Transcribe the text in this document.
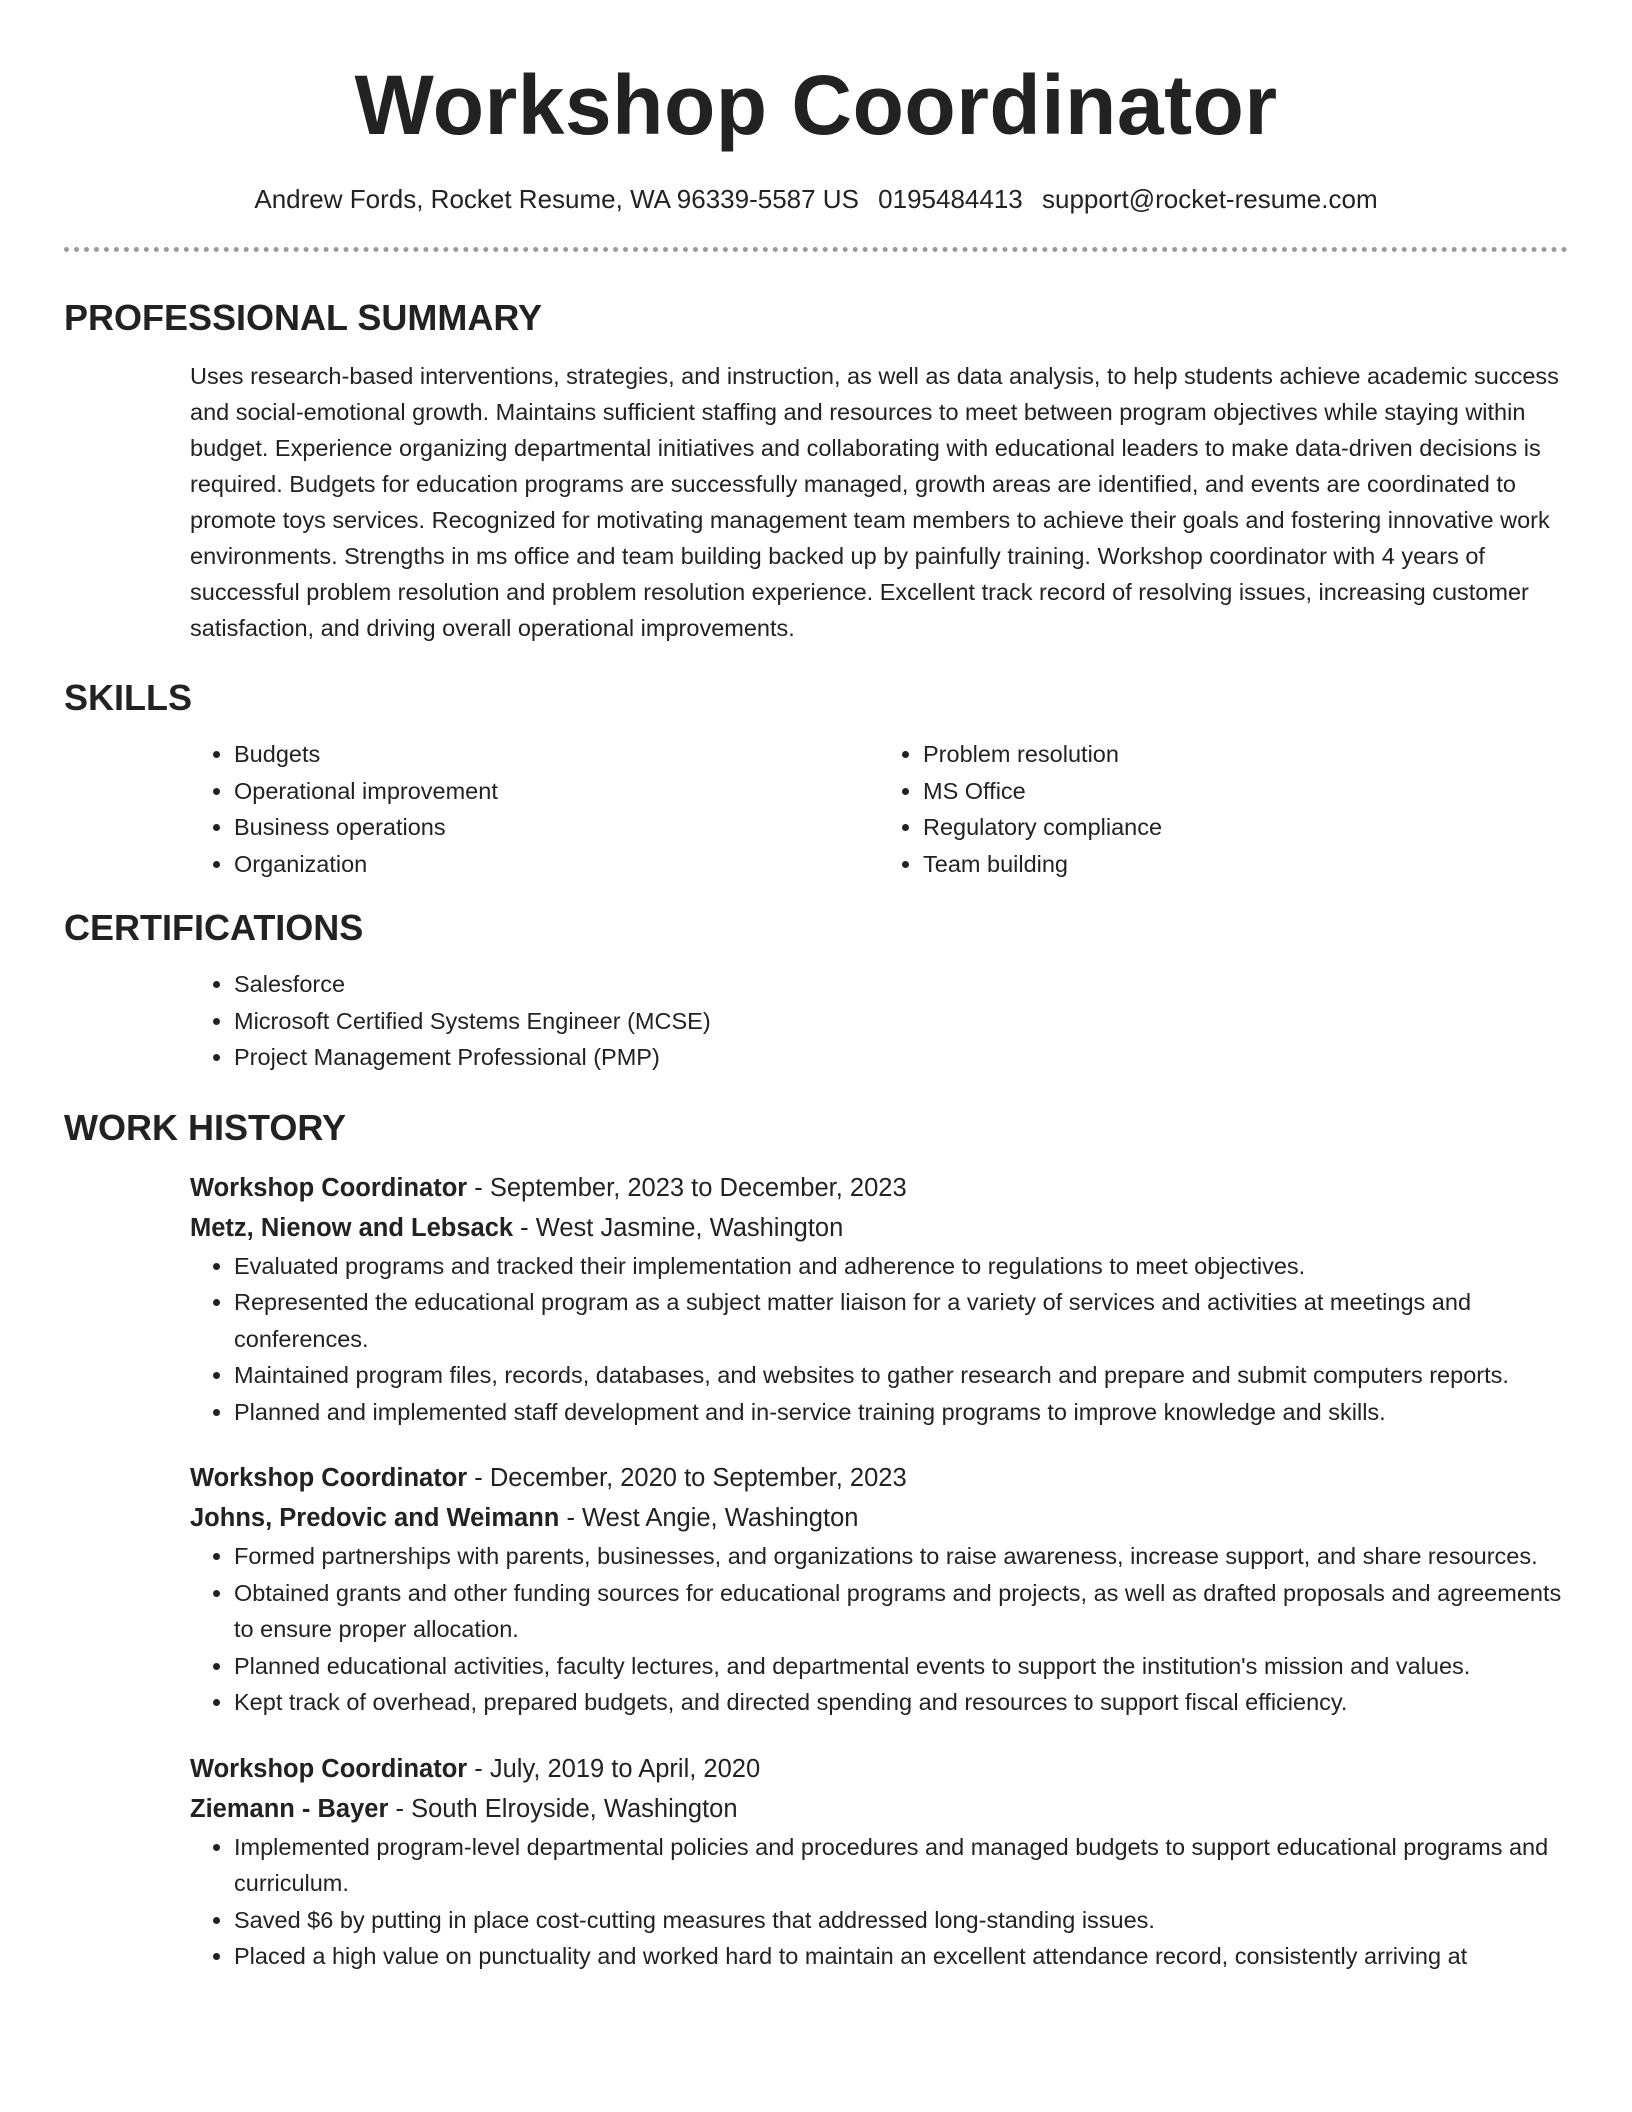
Workshop Coordinator
Andrew Fords, Rocket Resume, WA 96339-5587 US 0195484413 support@rocket-resume.com
PROFESSIONAL SUMMARY

Uses research-based interventions, strategies, and instruction, as well as data analysis, to help students achieve academic success and social-emotional growth. Maintains sufficient staffing and resources to meet between program objectives while staying within budget. Experience organizing departmental initiatives and collaborating with educational leaders to make data-driven decisions is required. Budgets for education programs are successfully managed, growth areas are identified, and events are coordinated to promote toys services. Recognized for motivating management team members to achieve their goals and fostering innovative work environments. Strengths in ms office and team building backed up by painfully training. Workshop coordinator with 4 years of successful problem resolution and problem resolution experience. Excellent track record of resolving issues, increasing customer satisfaction, and driving overall operational improvements.

SKILLS
• Budgets
• Operational improvement
• Business operations
• Organization
• Problem resolution
• MS Office
• Regulatory compliance
• Team building
CERTIFICATIONS
• Salesforce
• Microsoft Certified Systems Engineer (MCSE)
• Project Management Professional (PMP)
WORK HISTORY
Workshop Coordinator - September, 2023 to December, 2023
Metz, Nienow and Lebsack - West Jasmine, Washington
• Evaluated programs and tracked their implementation and adherence to regulations to meet objectives.
• Represented the educational program as a subject matter liaison for a variety of services and activities at meetings and conferences.
• Maintained program files, records, databases, and websites to gather research and prepare and submit computers reports.
• Planned and implemented staff development and in-service training programs to improve knowledge and skills.
Workshop Coordinator - December, 2020 to September, 2023
Johns, Predovic and Weimann - West Angie, Washington
• Formed partnerships with parents, businesses, and organizations to raise awareness, increase support, and share resources.
• Obtained grants and other funding sources for educational programs and projects, as well as drafted proposals and agreements to ensure proper allocation.
• Planned educational activities, faculty lectures, and departmental events to support the institution's mission and values.
• Kept track of overhead, prepared budgets, and directed spending and resources to support fiscal efficiency.
Workshop Coordinator - July, 2019 to April, 2020
Ziemann - Bayer - South Elroyside, Washington
• Implemented program-level departmental policies and procedures and managed budgets to support educational programs and curriculum.
• Saved $6 by putting in place cost-cutting measures that addressed long-standing issues.
• Placed a high value on punctuality and worked hard to maintain an excellent attendance record, consistently arriving at
